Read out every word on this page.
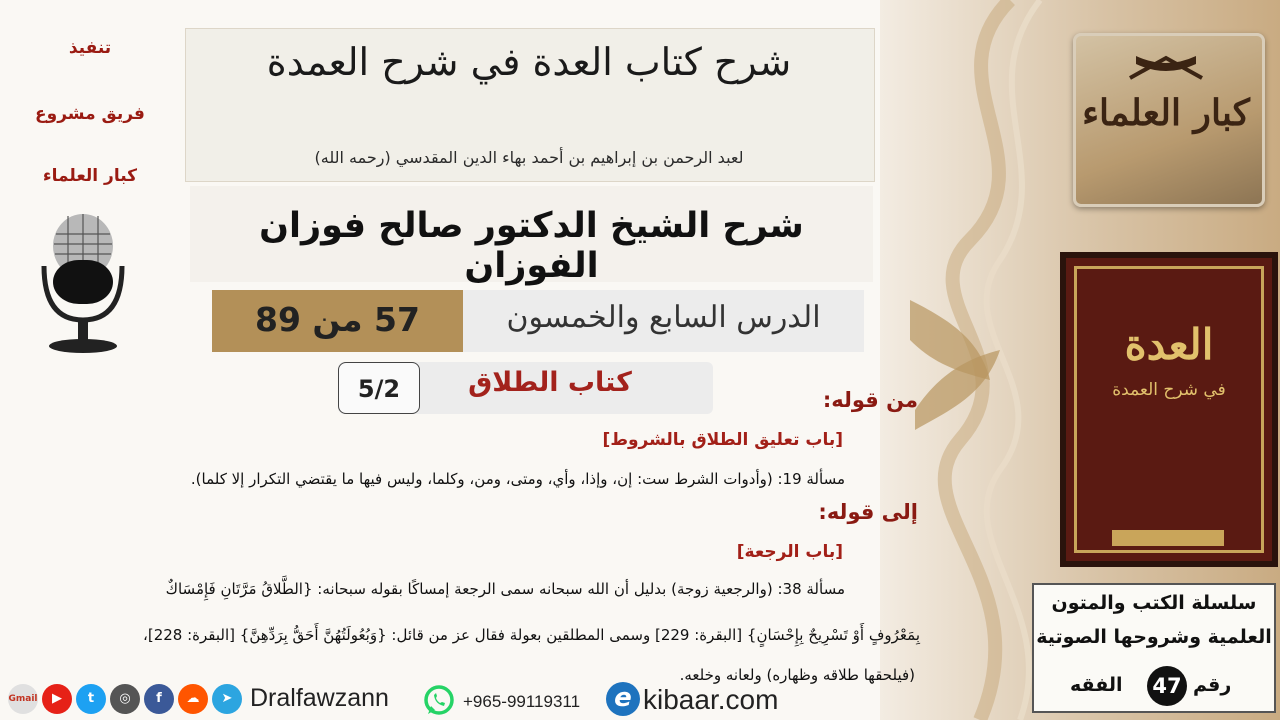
تنفيذ
فريق مشروع
كبار العلماء
شرح كتاب العدة في شرح العمدة
لعبد الرحمن بن إبراهيم بن أحمد بهاء الدين المقدسي (رحمه الله)
شرح الشيخ الدكتور صالح فوزان الفوزان
الدرس السابع والخمسون
57 من 89
كتاب الطلاق
5/2	من قوله:
[باب تعليق الطلاق بالشروط]
مسألة 19: (وأدوات الشرط ست: إن، وإذا، وأي، ومتى، ومن، وكلما، وليس فيها ما يقتضي التكرار إلا كلما).
إلى قوله:
[باب الرجعة]
مسألة 38: (والرجعية زوجة) بدليل أن الله سبحانه سمى الرجعة إمساكًا بقوله سبحانه: {الطَّلاقُ مَرَّتَانِ فَإِمْسَاكٌ
بِمَعْرُوفٍ أَوْ تَسْرِيحٌ بِإِحْسَانٍ} [البقرة: 229] وسمى المطلقين بعولة فقال عز من قائل: {وَبُعُولَتُهُنَّ أَحَقُّ بِرَدِّهِنَّ} [البقرة: 228]،
(فيلحقها طلاقه وظهاره) ولعانه وخلعه.
كبار العلماء
العدة
في شرح العمدة
سلسلة الكتب والمتون
العلمية وشروحها الصوتية
47 رقم
الفقه
Gmail	▶	t	◎	f	☁	➤ Dralfawzann	+965-99119311	e kibaar.com
